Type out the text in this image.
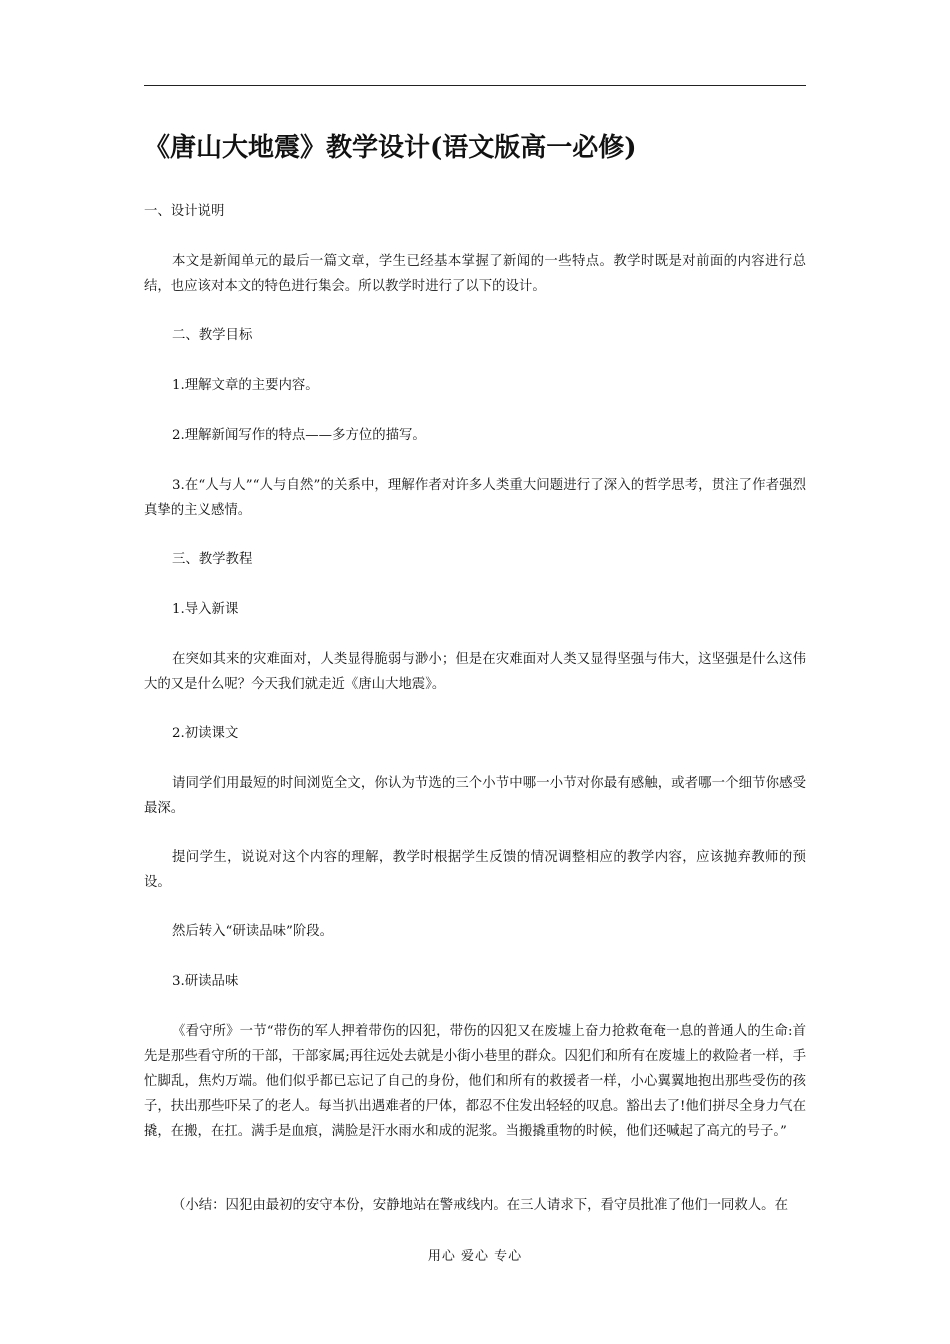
《唐山大地震》教学设计(语文版高一必修)

一、设计说明

本文是新闻单元的最后一篇文章，学生已经基本掌握了新闻的一些特点。教学时既是对前面的内容进行总结，也应该对本文的特色进行集会。所以教学时进行了以下的设计。

二、教学目标

1.理解文章的主要内容。

2.理解新闻写作的特点——多方位的描写。

3.在“人与人”“人与自然”的关系中，理解作者对许多人类重大问题进行了深入的哲学思考，贯注了作者强烈真挚的主义感情。

三、教学教程

1.导入新课

在突如其来的灾难面对，人类显得脆弱与渺小；但是在灾难面对人类又显得坚强与伟大，这坚强是什么这伟大的又是什么呢？今天我们就走近《唐山大地震》。

2.初读课文

请同学们用最短的时间浏览全文，你认为节选的三个小节中哪一小节对你最有感触，或者哪一个细节你感受最深。

提问学生，说说对这个内容的理解，教学时根据学生反馈的情况调整相应的教学内容，应该抛弃教师的预设。

然后转入“研读品味”阶段。

3.研读品味

《看守所》一节“带伤的军人押着带伤的囚犯，带伤的囚犯又在废墟上奋力抢救奄奄一息的普通人的生命:首先是那些看守所的干部，干部家属;再往远处去就是小街小巷里的群众。囚犯们和所有在废墟上的救险者一样，手忙脚乱，焦灼万端。他们似乎都已忘记了自己的身份，他们和所有的救援者一样，小心翼翼地抱出那些受伤的孩子，扶出那些吓呆了的老人。每当扒出遇难者的尸体，都忍不住发出轻轻的叹息。豁出去了!他们拼尽全身力气在撬，在搬，在扛。满手是血痕，满脸是汗水雨水和成的泥浆。当搬撬重物的时候，他们还喊起了高亢的号子。”

（小结：囚犯由最初的安守本份，安静地站在警戒线内。在三人请求下，看守员批准了他们一同救人。在

用心 爱心 专心
